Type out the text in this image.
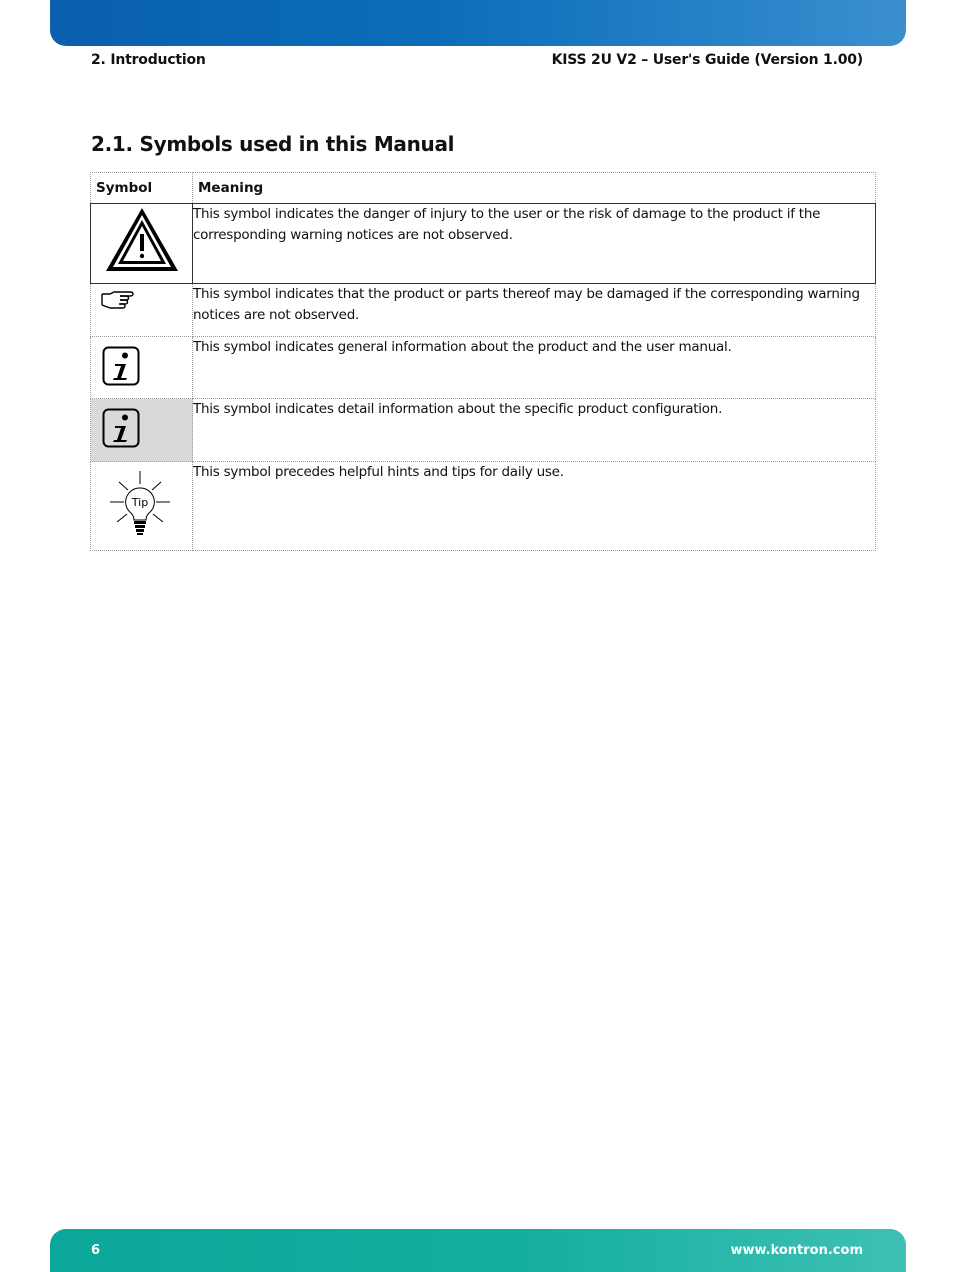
2. Introduction	KISS 2U V2 – User's Guide (Version 1.00)
2.1. Symbols used in this Manual
Symbol	Meaning
	This symbol indicates the danger of injury to the user or the risk of damage to the product if the corresponding warning notices are not observed.

	This symbol indicates that the product or parts thereof may be damaged if the corresponding warning notices are not observed.
	This symbol indicates general information about the product and the user manual.
	This symbol indicates detail information about the specific product configuration.

Tip	This symbol precedes helpful hints and tips for daily use.
6	www.kontron.com
